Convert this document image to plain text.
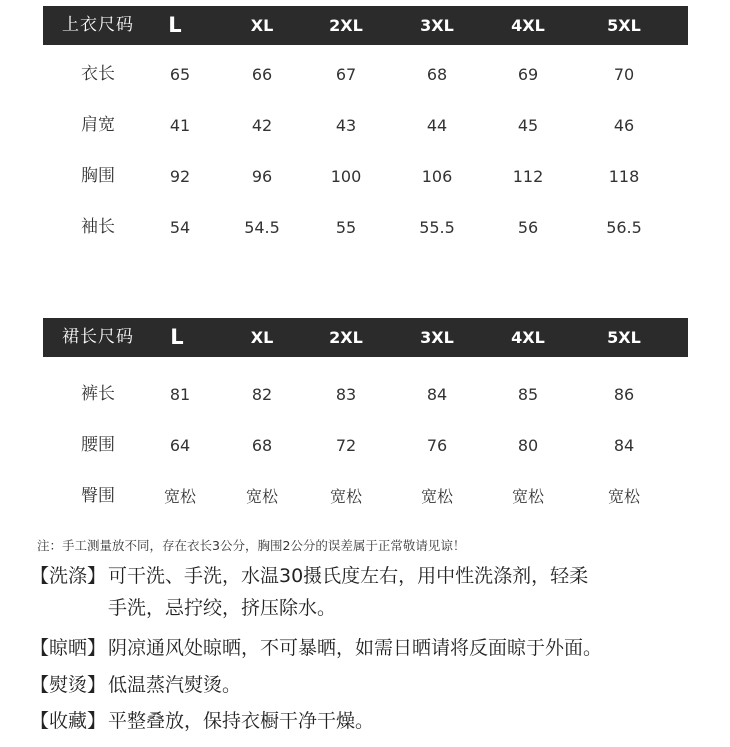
上衣尺码	L	XL	2XL	3XL	4XL	5XL
衣长	65	66	67	68	69	70
肩宽	41	42	43	44	45	46
胸围	92	96	100	106	112	118
袖长	54	54.5	55	55.5	56	56.5
裙长尺码	L	XL	2XL	3XL	4XL	5XL
裤长	81	82	83	84	85	86
腰围	64	68	72	76	80	84
臀围	宽松	宽松	宽松	宽松	宽松	宽松
注：手工测量放不同，存在衣长3公分，胸围2公分的误差属于正常敬请见谅！
【洗涤】 可干洗、手洗，水温30摄氏度左右，用中性洗涤剂，轻柔
手洗，忌拧绞，挤压除水。
【晾晒】 阴凉通风处晾晒，不可暴晒，如需日晒请将反面晾于外面。
【熨烫】 低温蒸汽熨烫。
【收藏】 平整叠放，保持衣橱干净干燥。
